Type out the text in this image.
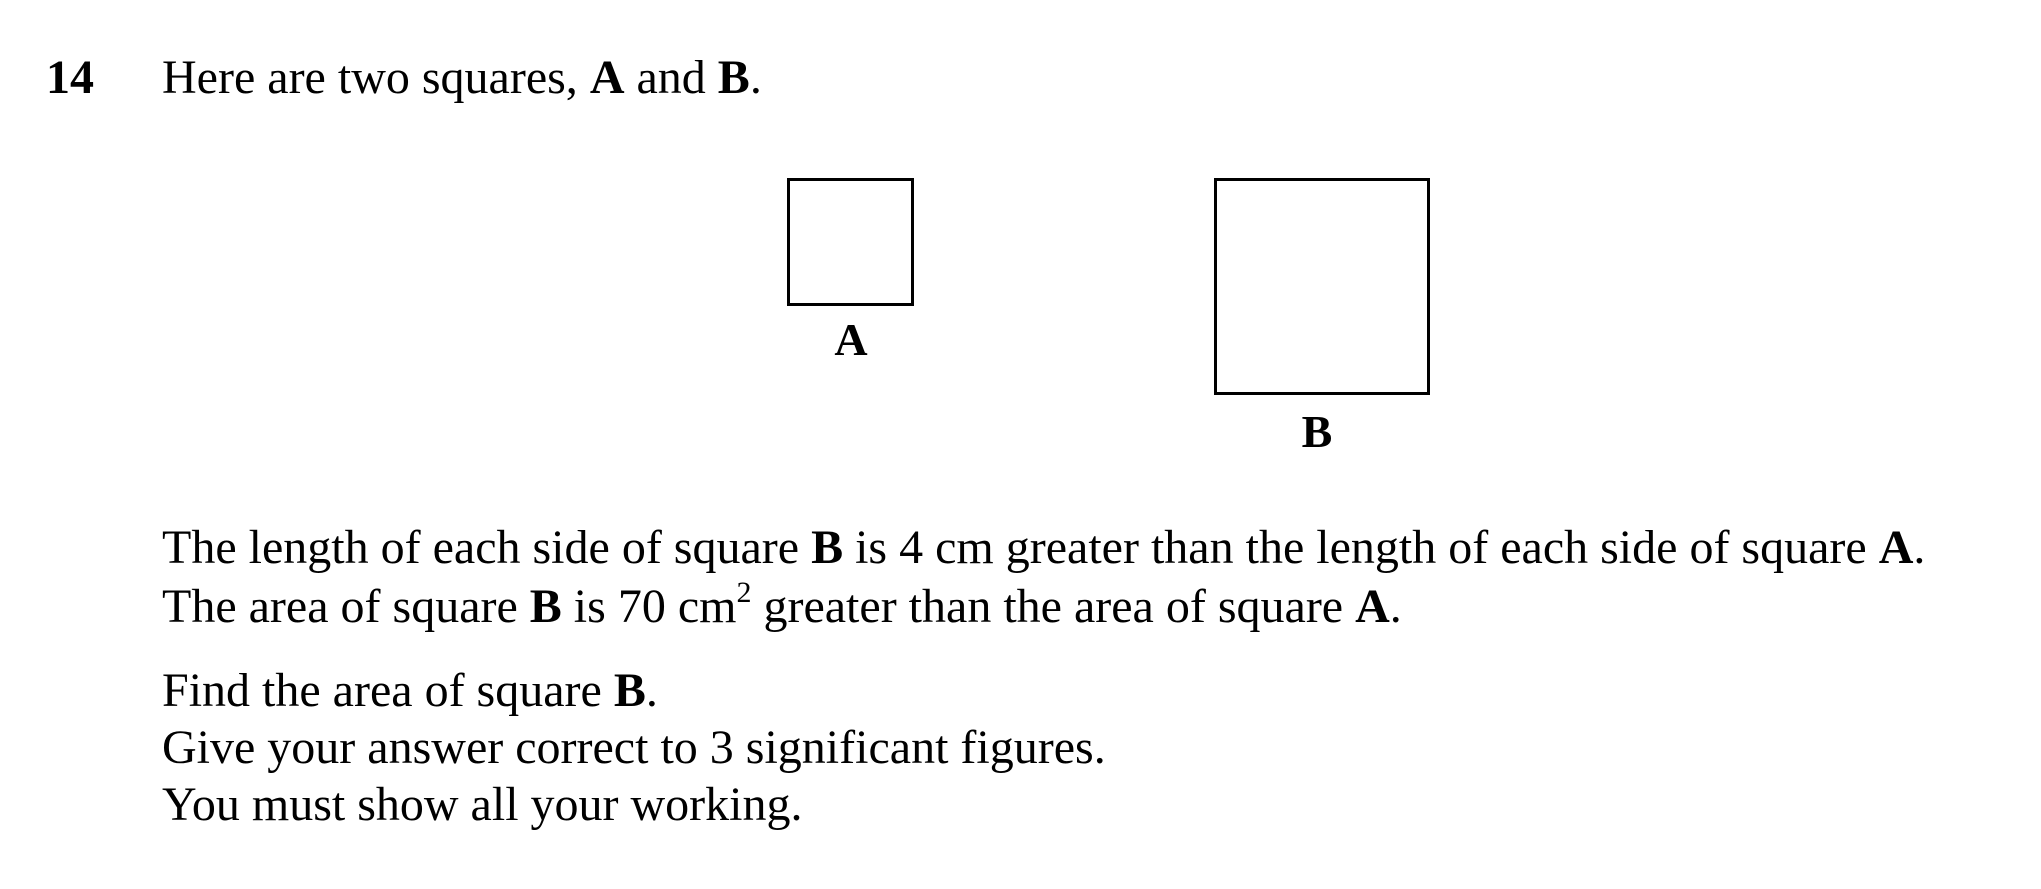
14 Here are two squares, A and B.
A
B
The length of each side of square B is 4 cm greater than the length of each side of square A.
The area of square B is 70 $cm^2$ greater than the area of square A.
Find the area of square B.
Give your answer correct to 3 significant figures.
You must show all your working.
